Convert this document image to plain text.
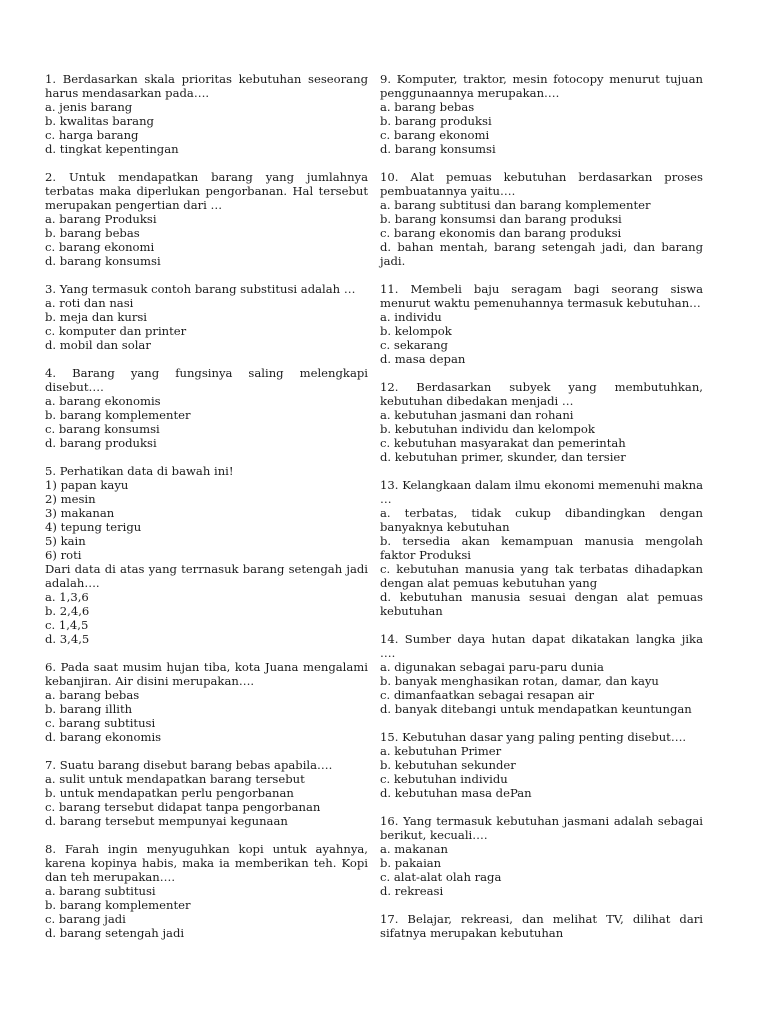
1. Berdasarkan skala prioritas kebutuhan seseorang harus mendasarkan pada….
a. jenis barang
b. kwalitas barang
c. harga barang
d. tingkat kepentingan
2. Untuk mendapatkan barang yang jumlahnya terbatas maka diperlukan pengorbanan. Hal tersebut merupakan pengertian dari …
a. barang Produksi
b. barang bebas
c. barang ekonomi
d. barang konsumsi
3. Yang termasuk contoh barang substitusi adalah …
a. roti dan nasi
b. meja dan kursi
c. komputer dan printer
d. mobil dan solar
4. Barang yang fungsinya saling melengkapi disebut….
a. barang ekonomis
b. barang komplementer
c. barang konsumsi
d. barang produksi
5. Perhatikan data di bawah ini!
1) papan kayu
2) mesin
3) makanan
4) tepung terigu
5) kain
6) roti
Dari data di atas yang terrnasuk barang setengah jadi adalah….
a. 1,3,6
b. 2,4,6
c. 1,4,5
d. 3,4,5
6. Pada saat musim hujan tiba, kota Juana mengalami kebanjiran. Air disini merupakan….
a. barang bebas
b. barang illith
c. barang subtitusi
d. barang ekonomis
7. Suatu barang disebut barang bebas apabila….
a. sulit untuk mendapatkan barang tersebut
b. untuk mendapatkan perlu pengorbanan
c. barang tersebut didapat tanpa pengorbanan
d. barang tersebut mempunyai kegunaan
8. Farah ingin menyuguhkan kopi untuk ayahnya, karena kopinya habis, maka ia memberikan teh. Kopi dan teh merupakan….
a. barang subtitusi
b. barang komplementer
c. barang jadi
d. barang setengah jadi
9. Komputer, traktor, mesin fotocopy menurut tujuan penggunaannya merupakan….
a. barang bebas
b. barang produksi
c. barang ekonomi
d. barang konsumsi
10. Alat pemuas kebutuhan berdasarkan proses pembuatannya yaitu….
a. barang subtitusi dan barang komplementer
b. barang konsumsi dan barang produksi
c. barang ekonomis dan barang produksi
d. bahan mentah, barang setengah jadi, dan barang jadi.
11. Membeli baju seragam bagi seorang siswa menurut waktu pemenuhannya termasuk kebutuhan…
a. individu
b. kelompok
c. sekarang
d. masa depan
12. Berdasarkan subyek yang membutuhkan, kebutuhan dibedakan menjadi …
a. kebutuhan jasmani dan rohani
b. kebutuhan individu dan kelompok
c. kebutuhan masyarakat dan pemerintah
d. kebutuhan primer, skunder, dan tersier
13. Kelangkaan dalam ilmu ekonomi memenuhi makna …
a. terbatas, tidak cukup dibandingkan dengan banyaknya kebutuhan
b. tersedia akan kemampuan manusia mengolah faktor Produksi
c. kebutuhan manusia yang tak terbatas dihadapkan dengan alat pemuas kebutuhan yang
d. kebutuhan manusia sesuai dengan alat pemuas kebutuhan
14. Sumber daya hutan dapat dikatakan langka jika ….
a. digunakan sebagai paru-paru dunia
b. banyak menghasikan rotan, damar, dan kayu
c. dimanfaatkan sebagai resapan air
d. banyak ditebangi untuk mendapatkan keuntungan
15. Kebutuhan dasar yang paling penting disebut….
a. kebutuhan Primer
b. kebutuhan sekunder
c. kebutuhan individu
d. kebutuhan masa dePan
16. Yang termasuk kebutuhan jasmani adalah sebagai berikut, kecuali….
a. makanan
b. pakaian
c. alat-alat olah raga
d. rekreasi
17. Belajar, rekreasi, dan melihat TV, dilihat dari sifatnya merupakan kebutuhan
